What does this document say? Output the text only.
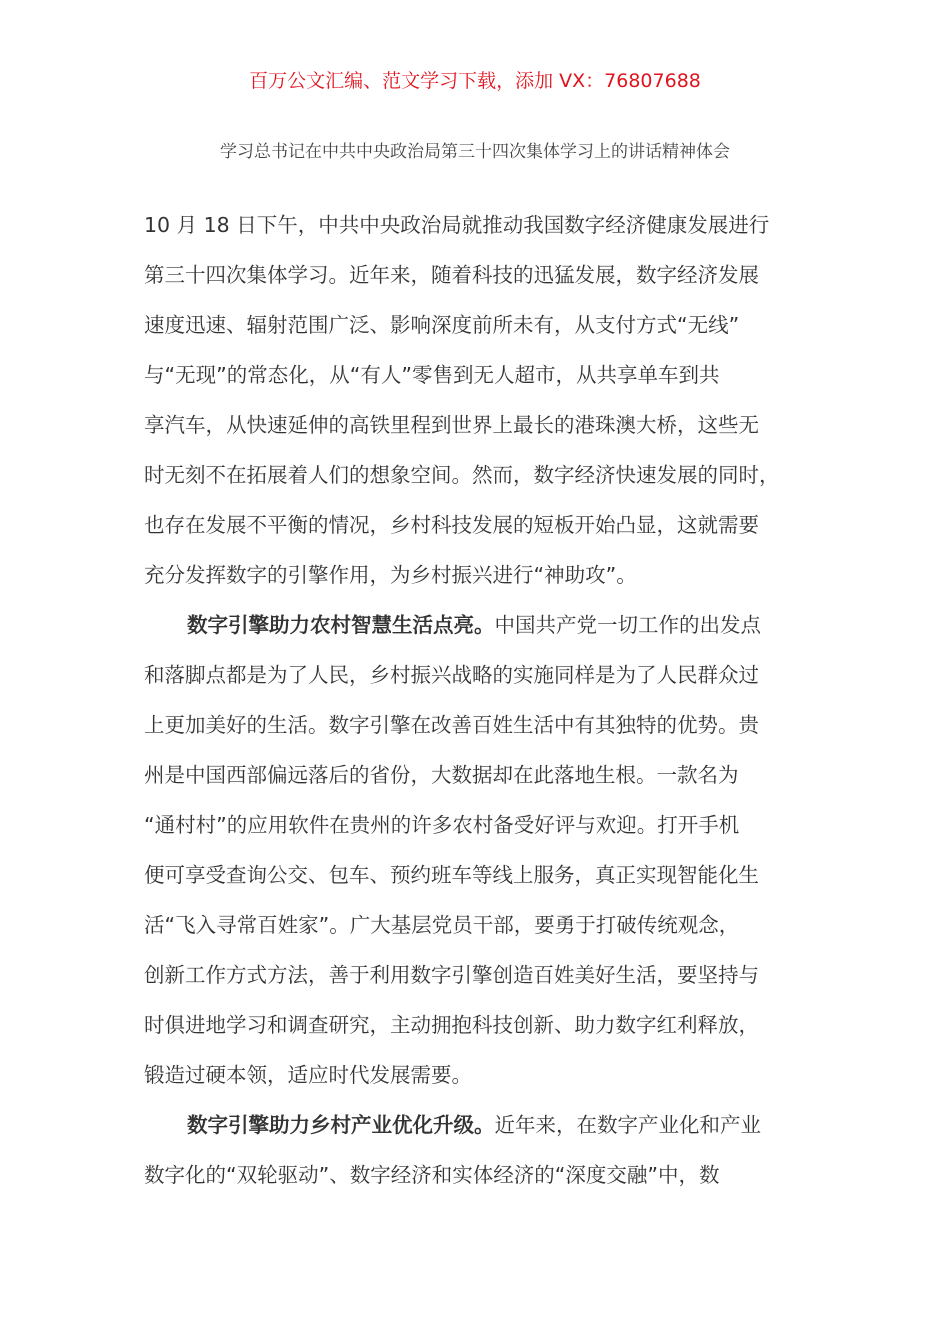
百万公文汇编、范文学习下载，添加 VX：76807688
学习总书记在中共中央政治局第三十四次集体学习上的讲话精神体会
10 月 18 日下午，中共中央政治局就推动我国数字经济健康发展进行
第三十四次集体学习。近年来，随着科技的迅猛发展，数字经济发展
速度迅速、辐射范围广泛、影响深度前所未有，从支付方式“无线”
与“无现”的常态化，从“有人”零售到无人超市，从共享单车到共
享汽车，从快速延伸的高铁里程到世界上最长的港珠澳大桥，这些无
时无刻不在拓展着人们的想象空间。然而，数字经济快速发展的同时，
也存在发展不平衡的情况，乡村科技发展的短板开始凸显，这就需要
充分发挥数字的引擎作用，为乡村振兴进行“神助攻”。
数字引擎助力农村智慧生活点亮。中国共产党一切工作的出发点
和落脚点都是为了人民，乡村振兴战略的实施同样是为了人民群众过
上更加美好的生活。数字引擎在改善百姓生活中有其独特的优势。贵
州是中国西部偏远落后的省份，大数据却在此落地生根。一款名为
“通村村”的应用软件在贵州的许多农村备受好评与欢迎。打开手机
便可享受查询公交、包车、预约班车等线上服务，真正实现智能化生
活“飞入寻常百姓家”。广大基层党员干部，要勇于打破传统观念，
创新工作方式方法，善于利用数字引擎创造百姓美好生活，要坚持与
时俱进地学习和调查研究，主动拥抱科技创新、助力数字红利释放，
锻造过硬本领，适应时代发展需要。
数字引擎助力乡村产业优化升级。近年来，在数字产业化和产业
数字化的“双轮驱动”、数字经济和实体经济的“深度交融”中，数
